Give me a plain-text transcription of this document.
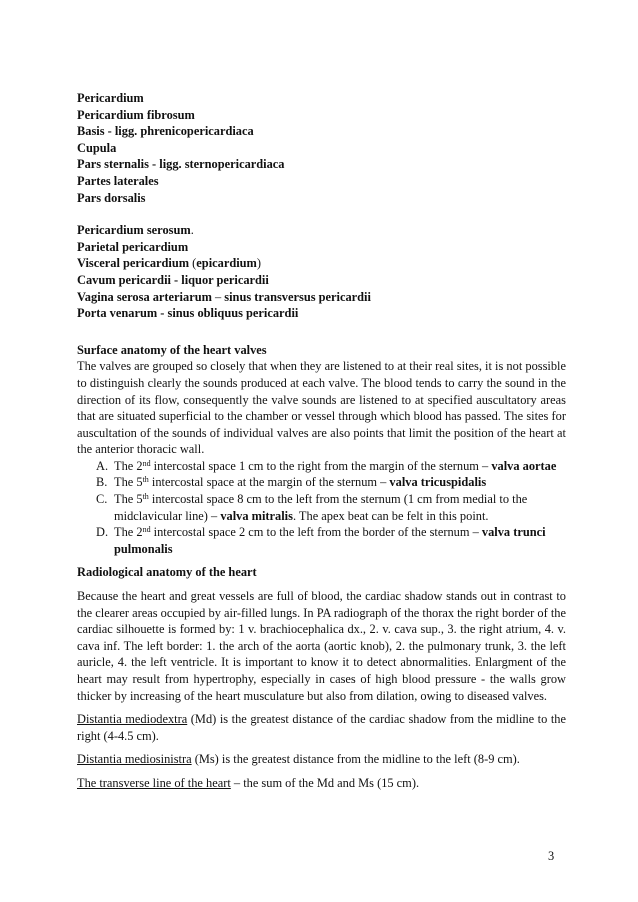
Pericardium
Pericardium fibrosum
Basis - ligg. phrenicopericardiaca
Cupula
Pars sternalis - ligg. sternopericardiaca
Partes laterales
Pars dorsalis
Pericardium serosum.
Parietal pericardium
Visceral pericardium (epicardium)
Cavum pericardii - liquor pericardii
Vagina serosa arteriarum – sinus transversus pericardii
Porta venarum - sinus obliquus pericardii
Surface anatomy of the heart valves

The valves are grouped so closely that when they are listened to at their real sites, it is not possible to distinguish clearly the sounds produced at each valve. The blood tends to carry the sound in the direction of its flow, consequently the valve sounds are listened to at specified auscultatory areas that are situated superficial to the chamber or vessel through which blood has passed. The sites for auscultation of the sounds of individual valves are also points that limit the position of the heart at the anterior thoracic wall.

A. The 2nd intercostal space 1 cm to the right from the margin of the sternum – valva aortae
B. The 5th intercostal space at the margin of the sternum – valva tricuspidalis
C. The 5th intercostal space 8 cm to the left from the sternum (1 cm from medial to the midclavicular line) – valva mitralis. The apex beat can be felt in this point.
D. The 2nd intercostal space 2 cm to the left from the border of the sternum – valva trunci pulmonalis
Radiological anatomy of the heart

Because the heart and great vessels are full of blood, the cardiac shadow stands out in contrast to the clearer areas occupied by air-filled lungs. In PA radiograph of the thorax the right border of the cardiac silhouette is formed by: 1 v. brachiocephalica dx., 2. v. cava sup., 3. the right atrium, 4. v. cava inf. The left border: 1. the arch of the aorta (aortic knob), 2. the pulmonary trunk, 3. the left auricle, 4. the left ventricle. It is important to know it to detect abnormalities. Enlargment of the heart may result from hypertrophy, especially in cases of high blood pressure - the walls grow thicker by increasing of the heart musculature but also from dilation, owing to diseased valves.

Distantia mediodextra (Md) is the greatest distance of the cardiac shadow from the midline to the right (4-4.5 cm).

Distantia mediosinistra (Ms) is the greatest distance from the midline to the left (8-9 cm).

The transverse line of the heart – the sum of the Md and Ms (15 cm).

3
